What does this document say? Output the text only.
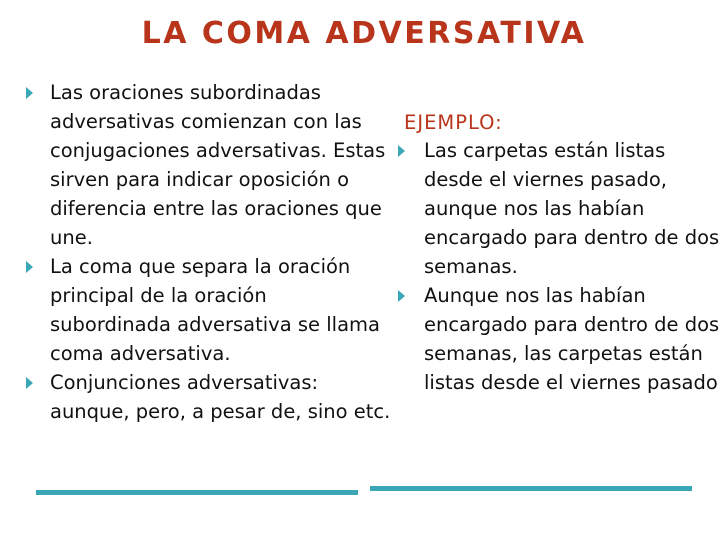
LA COMA ADVERSATIVA
Las oraciones subordinadas adversativas comienzan con las conjugaciones adversativas. Estas sirven para indicar oposición o diferencia entre las oraciones que une.
La coma que separa la oración principal de la oración subordinada adversativa se llama coma adversativa.
Conjunciones adversativas: aunque, pero, a pesar de, sino etc.

EJEMPLO:

Las carpetas están listas desde el viernes pasado, aunque nos las habían encargado para dentro de dos semanas.
Aunque nos las habían encargado para dentro de dos semanas, las carpetas están listas desde el viernes pasado
